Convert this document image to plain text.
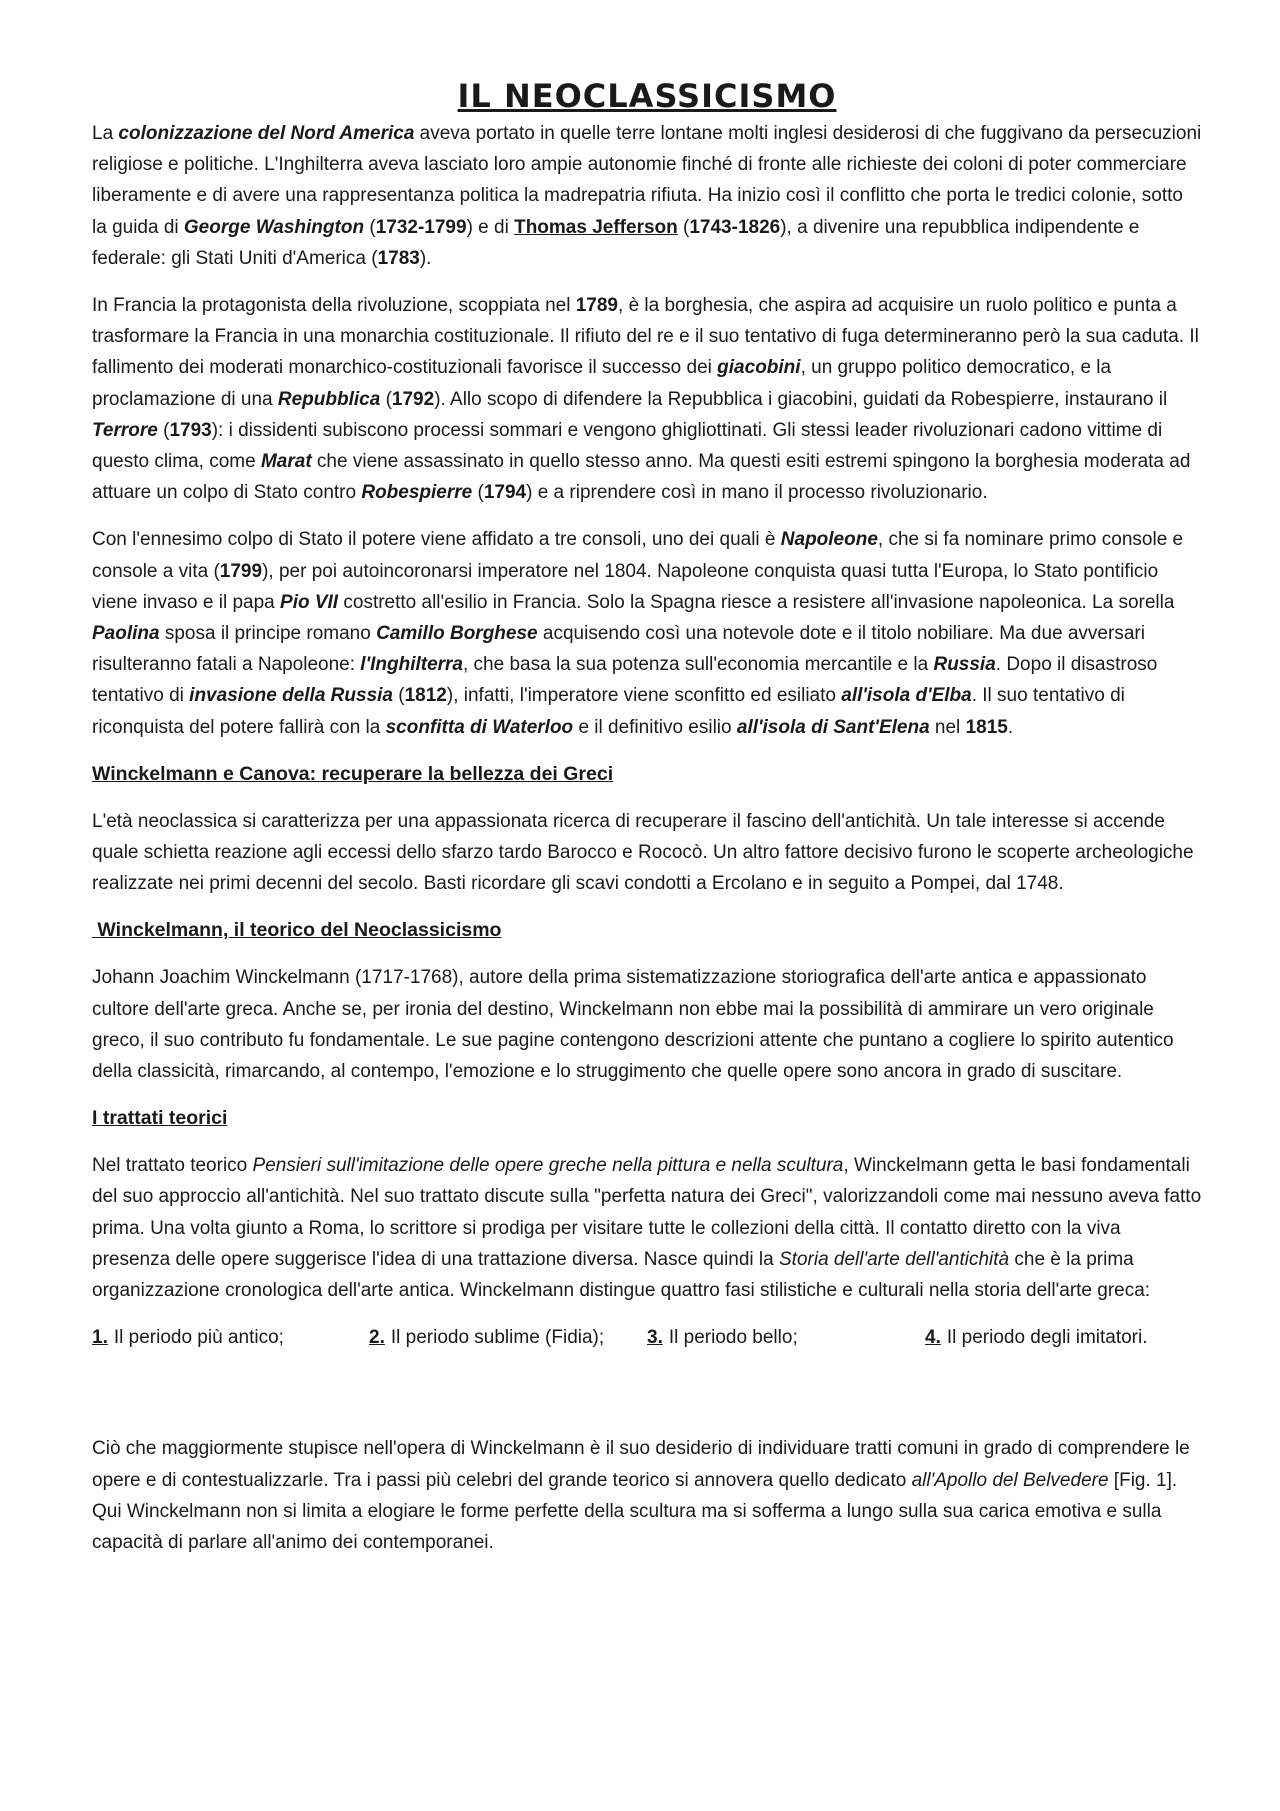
IL NEOCLASSICISMO

La colonizzazione del Nord America aveva portato in quelle terre lontane molti inglesi desiderosi di che fuggivano da persecuzioni religiose e politiche. L'Inghilterra aveva lasciato loro ampie autonomie finché di fronte alle richieste dei coloni di poter commerciare liberamente e di avere una rappresentanza politica la madrepatria rifiuta. Ha inizio così il conflitto che porta le tredici colonie, sotto la guida di George Washington (1732-1799) e di Thomas Jefferson (1743-1826), a divenire una repubblica indipendente e federale: gli Stati Uniti d'America (1783).

In Francia la protagonista della rivoluzione, scoppiata nel 1789, è la borghesia, che aspira ad acquisire un ruolo politico e punta a trasformare la Francia in una monarchia costituzionale. Il rifiuto del re e il suo tentativo di fuga determineranno però la sua caduta. Il fallimento dei moderati monarchico-costituzionali favorisce il successo dei giacobini, un gruppo politico democratico, e la proclamazione di una Repubblica (1792). Allo scopo di difendere la Repubblica i giacobini, guidati da Robespierre, instaurano il Terrore (1793): i dissidenti subiscono processi sommari e vengono ghigliottinati. Gli stessi leader rivoluzionari cadono vittime di questo clima, come Marat che viene assassinato in quello stesso anno. Ma questi esiti estremi spingono la borghesia moderata ad attuare un colpo di Stato contro Robespierre (1794) e a riprendere così in mano il processo rivoluzionario.

Con l'ennesimo colpo di Stato il potere viene affidato a tre consoli, uno dei quali è Napoleone, che si fa nominare primo console e console a vita (1799), per poi autoincoronarsi imperatore nel 1804. Napoleone conquista quasi tutta l'Europa, lo Stato pontificio viene invaso e il papa Pio VII costretto all'esilio in Francia. Solo la Spagna riesce a resistere all'invasione napoleonica. La sorella Paolina sposa il principe romano Camillo Borghese acquisendo così una notevole dote e il titolo nobiliare. Ma due avversari risulteranno fatali a Napoleone: l'Inghilterra, che basa la sua potenza sull'economia mercantile e la Russia. Dopo il disastroso tentativo di invasione della Russia (1812), infatti, l'imperatore viene sconfitto ed esiliato all'isola d'Elba. Il suo tentativo di riconquista del potere fallirà con la sconfitta di Waterloo e il definitivo esilio all'isola di Sant'Elena nel 1815.

Winckelmann e Canova: recuperare la bellezza dei Greci

L'età neoclassica si caratterizza per una appassionata ricerca di recuperare il fascino dell'antichità. Un tale interesse si accende quale schietta reazione agli eccessi dello sfarzo tardo Barocco e Rococò. Un altro fattore decisivo furono le scoperte archeologiche realizzate nei primi decenni del secolo. Basti ricordare gli scavi condotti a Ercolano e in seguito a Pompei, dal 1748.

Winckelmann, il teorico del Neoclassicismo

Johann Joachim Winckelmann (1717-1768), autore della prima sistematizzazione storiografica dell'arte antica e appassionato cultore dell'arte greca. Anche se, per ironia del destino, Winckelmann non ebbe mai la possibilità di ammirare un vero originale greco, il suo contributo fu fondamentale. Le sue pagine contengono descrizioni attente che puntano a cogliere lo spirito autentico della classicità, rimarcando, al contempo, l'emozione e lo struggimento che quelle opere sono ancora in grado di suscitare.

I trattati teorici

Nel trattato teorico Pensieri sull'imitazione delle opere greche nella pittura e nella scultura, Winckelmann getta le basi fondamentali del suo approccio all'antichità. Nel suo trattato discute sulla "perfetta natura dei Greci", valorizzandoli come mai nessuno aveva fatto prima. Una volta giunto a Roma, lo scrittore si prodiga per visitare tutte le collezioni della città. Il contatto diretto con la viva presenza delle opere suggerisce l'idea di una trattazione diversa. Nasce quindi la Storia dell'arte dell'antichità che è la prima organizzazione cronologica dell'arte antica. Winckelmann distingue quattro fasi stilistiche e culturali nella storia dell'arte greca:

1. Il periodo più antico;	2. Il periodo sublime (Fidia);	3. Il periodo bello;	4. Il periodo degli imitatori.

Ciò che maggiormente stupisce nell'opera di Winckelmann è il suo desiderio di individuare tratti comuni in grado di comprendere le opere e di contestualizzarle. Tra i passi più celebri del grande teorico si annovera quello dedicato all'Apollo del Belvedere [Fig. 1]. Qui Winckelmann non si limita a elogiare le forme perfette della scultura ma si sofferma a lungo sulla sua carica emotiva e sulla capacità di parlare all'animo dei contemporanei.
